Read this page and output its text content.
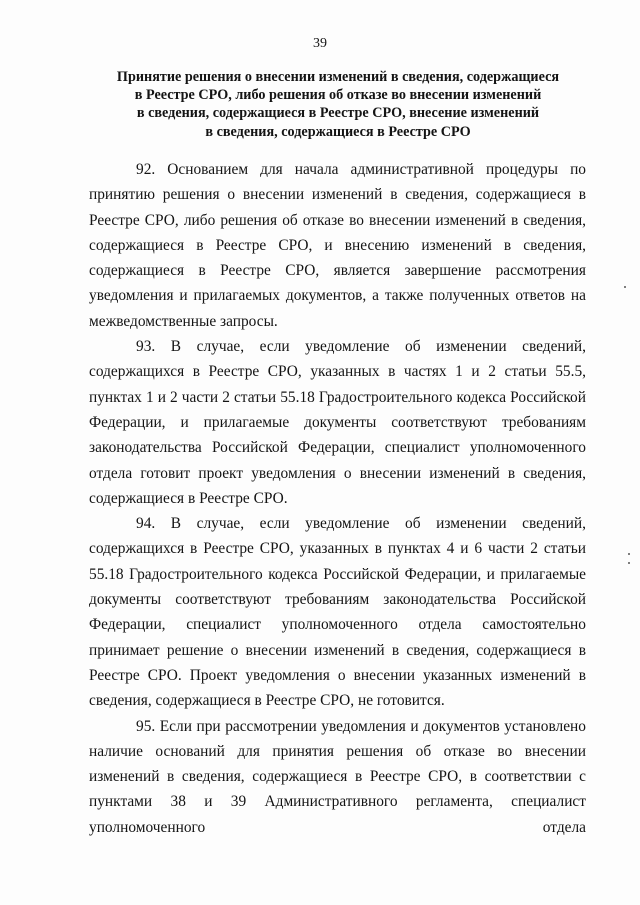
39
Принятие решения о внесении изменений в сведения, содержащиеся
в Реестре СРО, либо решения об отказе во внесении изменений
в сведения, содержащиеся в Реестре СРО, внесение изменений
в сведения, содержащиеся в Реестре СРО

92. Основанием для начала административной процедуры по принятию решения о внесении изменений в сведения, содержащиеся в Реестре СРО, либо решения об отказе во внесении изменений в сведения, содержащиеся в Реестре СРО, и внесению изменений в сведения, содержащиеся в Реестре СРО, является завершение рассмотрения уведомления и прилагаемых документов, а также полученных ответов на межведомственные запросы.

93. В случае, если уведомление об изменении сведений, содержащихся в Реестре СРО, указанных в частях 1 и 2 статьи 55.5, пунктах 1 и 2 части 2 статьи 55.18 Градостроительного кодекса Российской Федерации, и прилагаемые документы соответствуют требованиям законодательства Российской Федерации, специалист уполномоченного отдела готовит проект уведомления о внесении изменений в сведения, содержащиеся в Реестре СРО.

94. В случае, если уведомление об изменении сведений, содержащихся в Реестре СРО, указанных в пунктах 4 и 6 части 2 статьи 55.18 Градостроительного кодекса Российской Федерации, и прилагаемые документы соответствуют требованиям законодательства Российской Федерации, специалист уполномоченного отдела самостоятельно принимает решение о внесении изменений в сведения, содержащиеся в Реестре СРО. Проект уведомления о внесении указанных изменений в сведения, содержащиеся в Реестре СРО, не готовится.

95. Если при рассмотрении уведомления и документов установлено наличие оснований для принятия решения об отказе во внесении изменений в сведения, содержащиеся в Реестре СРО, в соответствии с пунктами 38 и 39 Административного регламента, специалист уполномоченного отдела
